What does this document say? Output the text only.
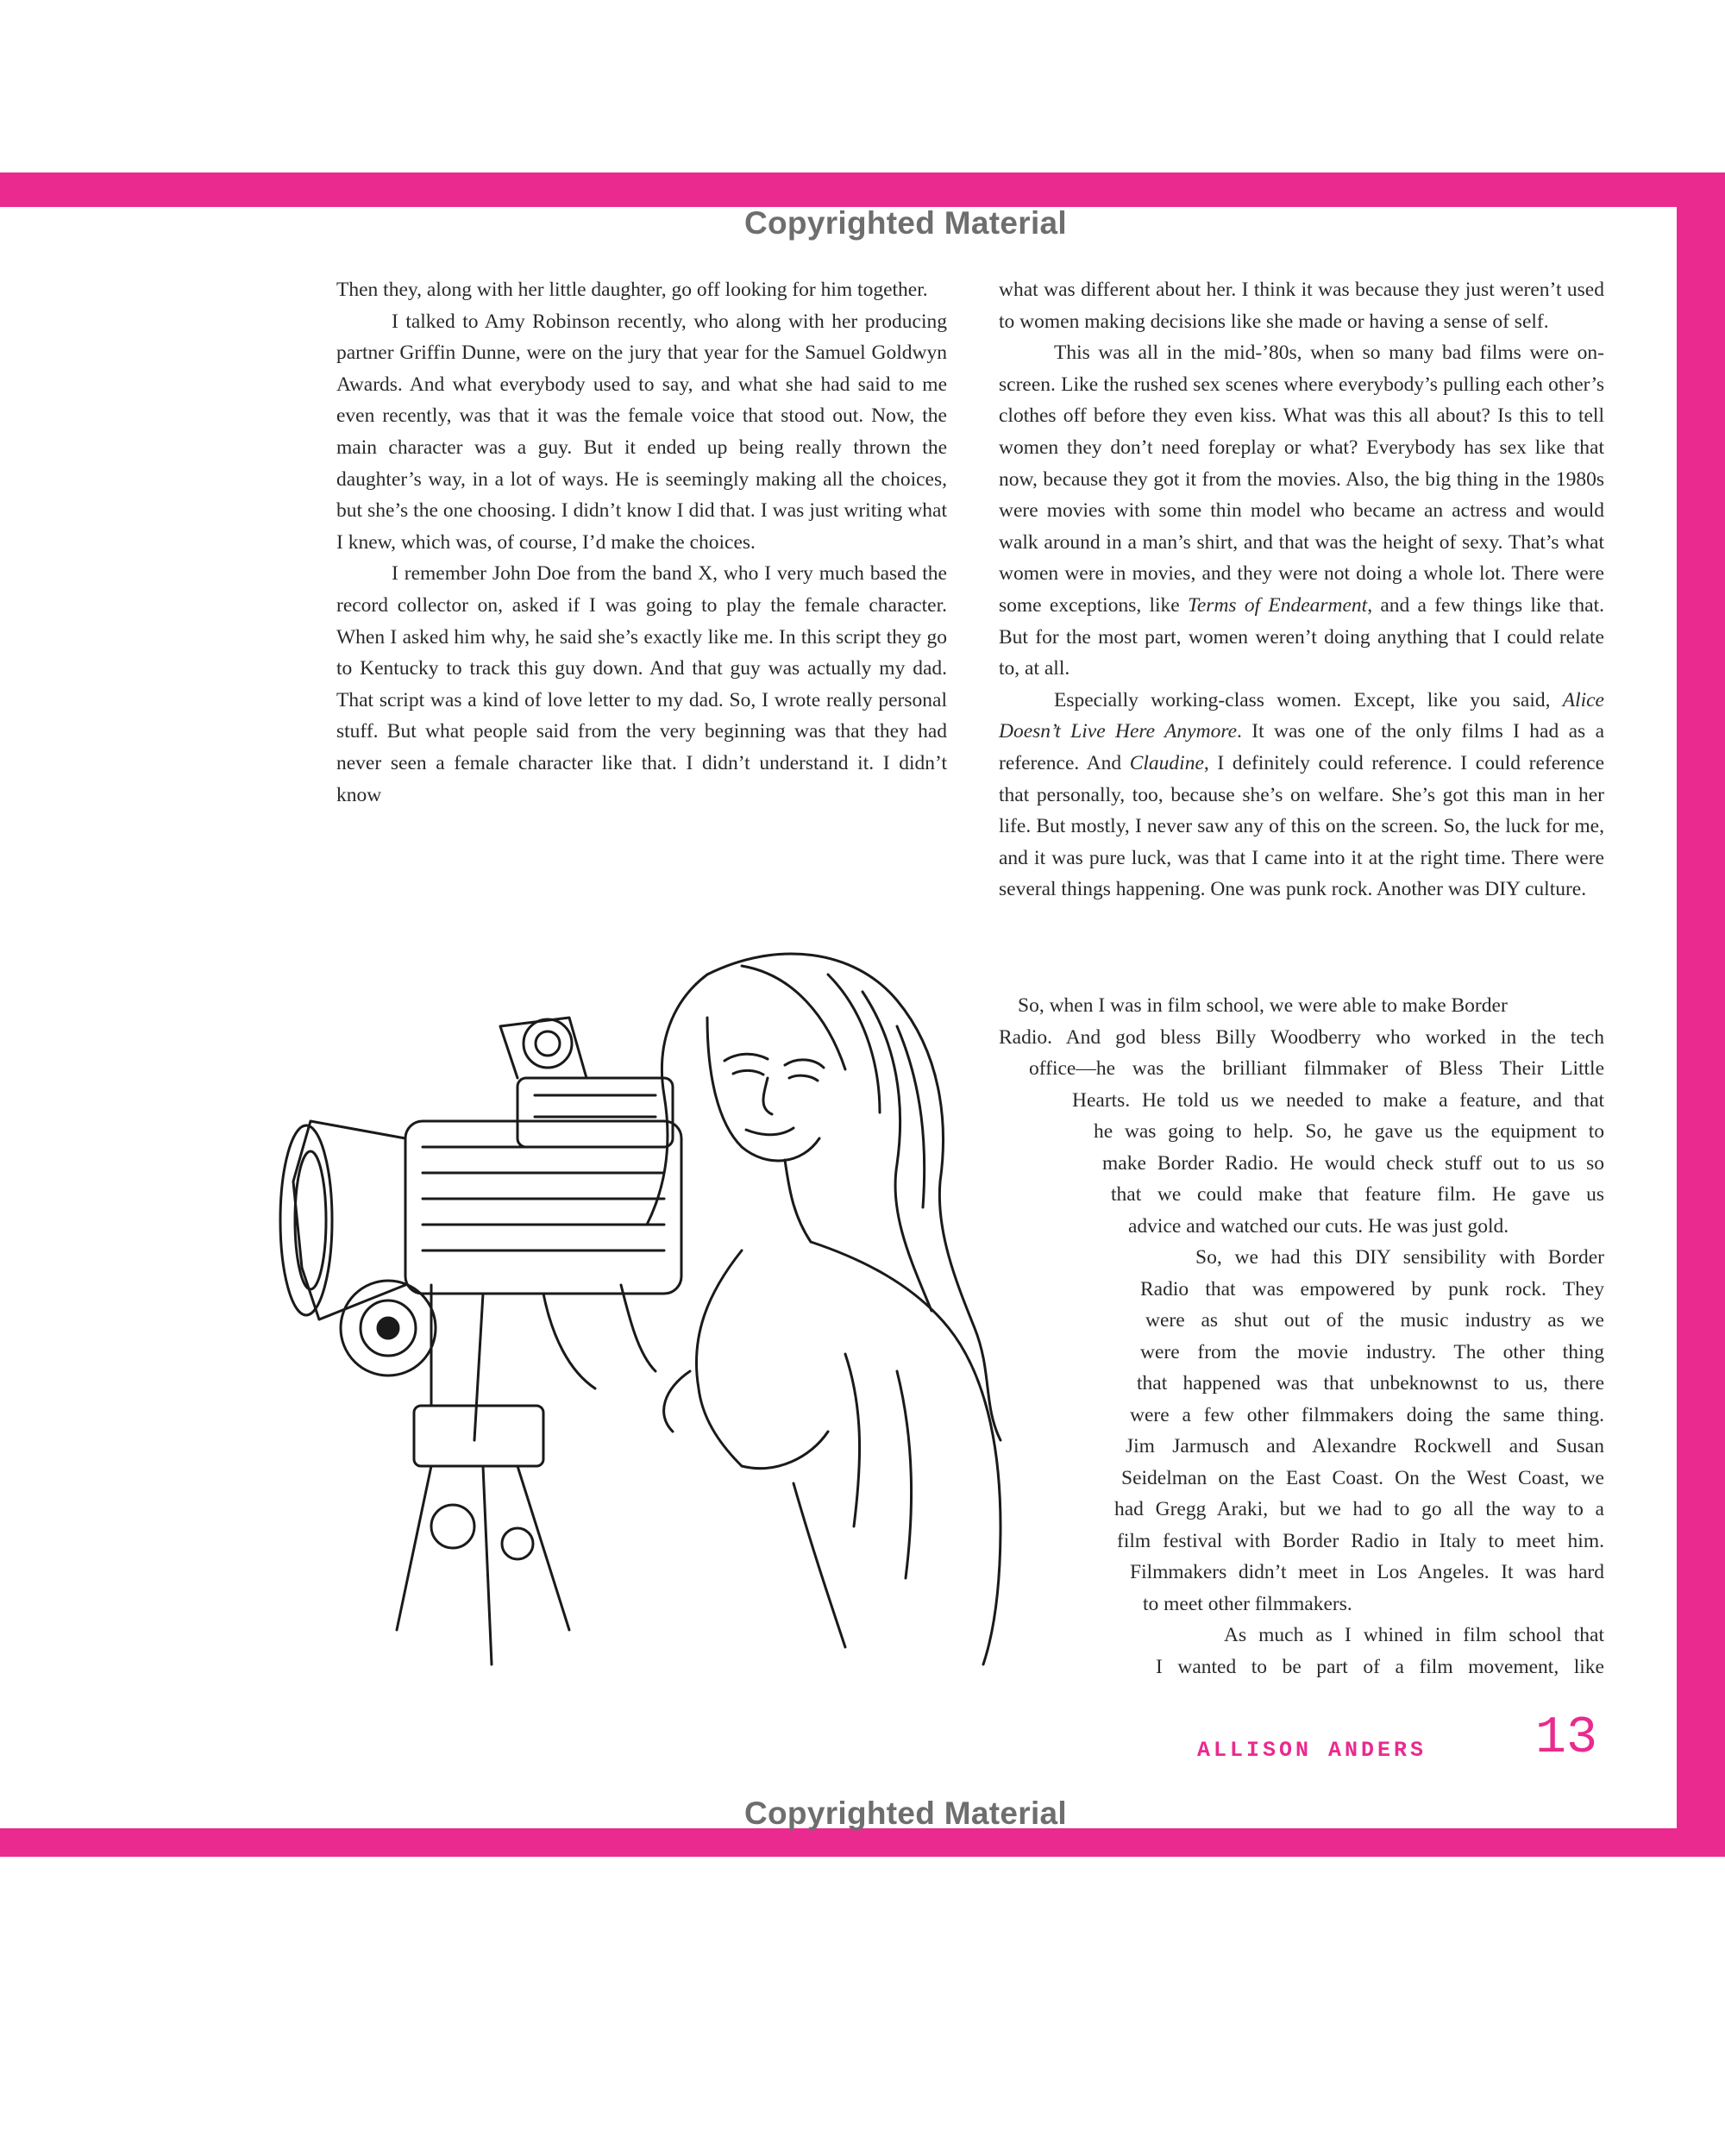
Copyrighted Material

Then they, along with her little daughter, go off looking for him together.

I talked to Amy Robinson recently, who along with her producing partner Griffin Dunne, were on the jury that year for the Samuel Goldwyn Awards. And what everybody used to say, and what she had said to me even recently, was that it was the female voice that stood out. Now, the main character was a guy. But it ended up being really thrown the daughter’s way, in a lot of ways. He is seemingly making all the choices, but she’s the one choosing. I didn’t know I did that. I was just writing what I knew, which was, of course, I’d make the choices.

I remember John Doe from the band X, who I very much based the record collector on, asked if I was going to play the female character. When I asked him why, he said she’s exactly like me. In this script they go to Kentucky to track this guy down. And that guy was actually my dad. That script was a kind of love letter to my dad. So, I wrote really personal stuff. But what people said from the very beginning was that they had never seen a female character like that. I didn’t understand it. I didn’t know

what was different about her. I think it was because they just weren’t used to women making decisions like she made or having a sense of self.

This was all in the mid-’80s, when so many bad films were on-screen. Like the rushed sex scenes where everybody’s pulling each other’s clothes off before they even kiss. What was this all about? Is this to tell women they don’t need foreplay or what? Everybody has sex like that now, because they got it from the movies. Also, the big thing in the 1980s were movies with some thin model who became an actress and would walk around in a man’s shirt, and that was the height of sexy. That’s what women were in movies, and they were not doing a whole lot. There were some exceptions, like Terms of Endearment, and a few things like that. But for the most part, women weren’t doing anything that I could relate to, at all.

Especially working-class women. Except, like you said, Alice Doesn’t Live Here Anymore. It was one of the only films I had as a reference. And Claudine, I definitely could reference. I could reference that personally, too, because she’s on welfare. She’s got this man in her life. But mostly, I never saw any of this on the screen. So, the luck for me, and it was pure luck, was that I came into it at the right time. There were several things happening. One was punk rock. Another was DIY culture.

So, when I was in film school, we were able to make Border
Radio. And god bless Billy Woodberry who worked in the tech
office—he was the brilliant filmmaker of Bless Their Little
Hearts. He told us we needed to make a feature, and that
he was going to help. So, he gave us the equipment to
make Border Radio. He would check stuff out to us so
that we could make that feature film. He gave us
advice and watched our cuts. He was just gold.
So, we had this DIY sensibility with Border
Radio that was empowered by punk rock. They
were as shut out of the music industry as we
were from the movie industry. The other thing
that happened was that unbeknownst to us, there
were a few other filmmakers doing the same thing.
Jim Jarmusch and Alexandre Rockwell and Susan
Seidelman on the East Coast. On the West Coast, we
had Gregg Araki, but we had to go all the way to a
film festival with Border Radio in Italy to meet him.
Filmmakers didn’t meet in Los Angeles. It was hard
to meet other filmmakers.
As much as I whined in film school that
I wanted to be part of a film movement, like
ALLISON ANDERS 13
Copyrighted Material
